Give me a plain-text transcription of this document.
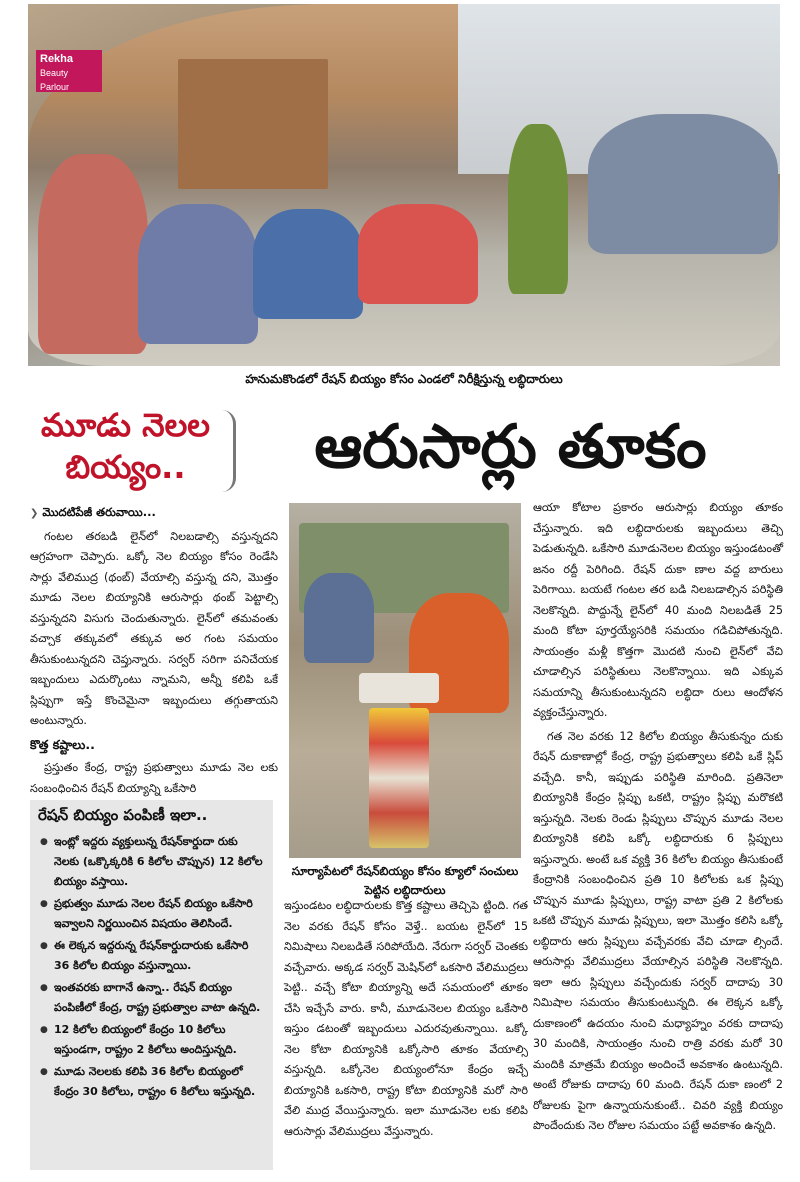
Rekha
Beauty Parlour
హనుమకొండలో రేషన్ బియ్యం కోసం ఎండలో నిరీక్షిస్తున్న లబ్ధిదారులు
మూడు నెలల
బియ్యం..	ఆరుసార్లు తూకం
❯ మొదటిపేజీ తరువాయి...

గంటల తరబడి లైన్‌లో నిలబడాల్సి వస్తున్నదని ఆగ్రహంగా చెప్పారు. ఒక్కో నెల బియ్యం కోసం రెండేసి సార్లు వేలిముద్ర (థంబ్) వేయాల్సి వస్తున్న దని, మొత్తం మూడు నెలల బియ్యానికి ఆరుసార్లు థంబ్ పెట్టాల్సి వస్తున్నదని విసుగు చెందుతున్నారు. లైన్‌లో తమవంతు వచ్చాక తక్కువలో తక్కువ అర గంట సమయం తీసుకుంటున్నదని చెప్తున్నారు. సర్వర్ సరిగా పనిచేయక ఇబ్బందులు ఎదుర్కొంటు న్నామని, అన్నీ కలిపి ఒకే స్లిప్పుగా ఇస్తే కొంచెమైనా ఇబ్బందులు తగ్గుతాయని అంటున్నారు.

కొత్త కష్టాలు..

ప్రస్తుతం కేంద్ర, రాష్ట్ర ప్రభుత్వాలు మూడు నెల లకు సంబంధించిన రేషన్ బియ్యాన్ని ఒకేసారి

రేషన్ బియ్యం పంపిణీ ఇలా..
● ఇంట్లో ఇద్దరు వ్యక్తులున్న రేషన్‌కార్డుదా రుకు నెలకు (ఒక్కొక్కరికి 6 కిలోల చొప్పున) 12 కిలోల బియ్యం వస్తాయి.
● ప్రభుత్వం మూడు నెలల రేషన్ బియ్యం ఒకేసారి ఇవ్వాలని నిర్ణయించిన విషయం తెలిసిందే.
● ఈ లెక్కన ఇద్దరున్న రేషన్‌కార్డుదారుకు ఒకేసారి 36 కిలోల బియ్యం వస్తున్నాయి.
● ఇంతవరకు బాగానే ఉన్నా.. రేషన్ బియ్యం పంపిణీలో కేంద్ర, రాష్ట్ర ప్రభుత్వాల వాటా ఉన్నది.
● 12 కిలోల బియ్యంలో కేంద్రం 10 కిలోలు ఇస్తుండగా, రాష్ట్రం 2 కిలోలు అందిస్తున్నది.
● మూడు నెలలకు కలిపి 36 కిలోల బియ్యంలో కేంద్రం 30 కిలోలు, రాష్ట్రం 6 కిలోలు ఇస్తున్నది.
సూర్యాపేటలో రేషన్‌బియ్యం కోసం క్యూలో సంచులు పెట్టిన లబ్ధిదారులు

ఇస్తుండటం లబ్ధిదారులకు కొత్త కష్టాలు తెచ్చిపె ట్టింది. గత నెల వరకు రేషన్ కోసం వెళ్తే.. బయట లైన్‌లో 15 నిమిషాలు నిలబడితే సరిపోయేది. నేరుగా సర్వర్ చెంతకు వచ్చేవారు. అక్కడ సర్వర్ మెషిన్‌లో ఒకసారి వేలిముద్రలు పెట్టి.. వచ్చే కోటా బియ్యాన్ని అదే సమయంలో తూకం చేసి ఇచ్చేసే వారు. కానీ, మూడునెలల బియ్యం ఒకేసారి ఇస్తుం డటంతో ఇబ్బందులు ఎదురవుతున్నాయి. ఒక్కో నెల కోటా బియ్యానికి ఒక్కోసారి తూకం వేయాల్సి వస్తున్నది. ఒక్కోనెల బియ్యంలోనూ కేంద్రం ఇచ్చే బియ్యానికి ఒకసారి, రాష్ట్ర కోటా బియ్యానికి మరో సారి వేలి ముద్ర వేయిస్తున్నారు. ఇలా మూడునెల లకు కలిపి ఆరుసార్లు వేలిముద్రలు వేస్తున్నారు.

ఆయా కోటాల ప్రకారం ఆరుసార్లు బియ్యం తూకం చేస్తున్నారు. ఇది లబ్ధిదారులకు ఇబ్బందులు తెచ్చి పెడుతున్నది. ఒకేసారి మూడునెలల బియ్యం ఇస్తుండటంతో జనం రద్దీ పెరిగింది. రేషన్ దుకా ణాల వద్ద బారులు పెరిగాయి. బయటే గంటల తర బడి నిలబడాల్సిన పరిస్థితి నెలకొన్నది. పొద్దున్నే లైన్‌లో 40 మంది నిలబడితే 25 మంది కోటా పూర్తయ్యేసరికి సమయం గడిచిపోతున్నది. సాయంత్రం మళ్లీ కొత్తగా మొదటి నుంచి లైన్‌లో వేచి చూడాల్సిన పరిస్థితులు నెలకొన్నాయి. ఇది ఎక్కువ సమయాన్ని తీసుకుంటున్నదని లబ్ధిదా రులు ఆందోళన వ్యక్తంచేస్తున్నారు.

గత నెల వరకు 12 కిలోల బియ్యం తీసుకున్నం దుకు రేషన్ దుకాణాల్లో కేంద్ర, రాష్ట్ర ప్రభుత్వాలు కలిపి ఒకే స్లిప్ వచ్చేది. కానీ, ఇప్పుడు పరిస్థితి మారింది. ప్రతినెలా బియ్యానికి కేంద్రం స్లిప్పు ఒకటి, రాష్ట్రం స్లిప్పు మరొకటి ఇస్తున్నది. నెలకు రెండు స్లిప్పులు చొప్పున మూడు నెలల బియ్యానికి కలిపి ఒక్కో లబ్ధిదారుకు 6 స్లిప్పులు ఇస్తున్నారు. అంటే ఒక వ్యక్తి 36 కిలోల బియ్యం తీసుకుంటే కేంద్రానికి సంబంధించిన ప్రతి 10 కిలోలకు ఒక స్లిప్పు చొప్పున మూడు స్లిప్పులు, రాష్ట్ర వాటా ప్రతి 2 కిలోలకు ఒకటి చొప్పున మూడు స్లిప్పులు, ఇలా మొత్తం కలిసి ఒక్కో లబ్ధిదారు ఆరు స్లిప్పులు వచ్చేవరకు వేచి చూడా ల్సిందే. ఆరుసార్లు వేలిముద్రలు వేయాల్సిన పరిస్థితి నెలకొన్నది. ఇలా ఆరు స్లిప్పులు వచ్చేందుకు సర్వర్ దాదాపు 30 నిమిషాల సమయం తీసుకుంటున్నది. ఈ లెక్కన ఒక్కో దుకాణంలో ఉదయం నుంచి మధ్యాహ్నం వరకు దాదాపు 30 మందికి, సాయంత్రం నుంచి రాత్రి వరకు మరో 30 మందికి మాత్రమే బియ్యం అందించే అవకాశం ఉంటున్నది. అంటే రోజుకు దాదాపు 60 మంది. రేషన్ దుకా ణంలో 2 రోజులకు పైగా ఉన్నాయనుకుంటే.. చివరి వ్యక్తి బియ్యం పొందేందుకు నెల రోజుల సమయం పట్టే అవకాశం ఉన్నది.
